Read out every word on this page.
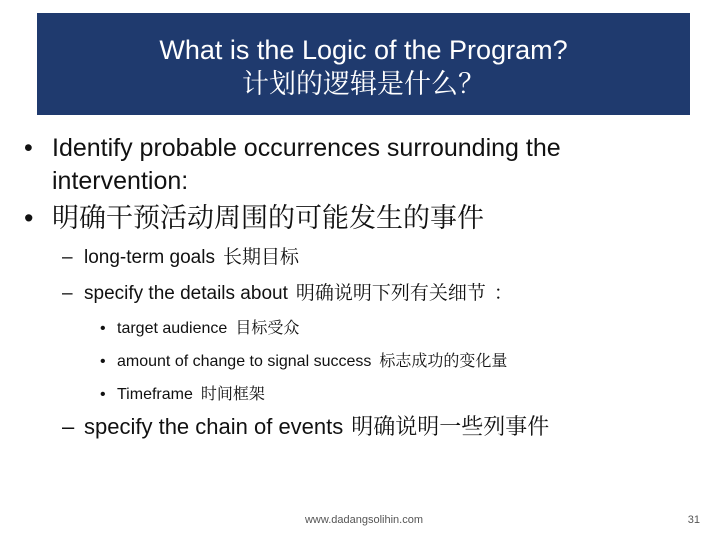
What is the Logic of the Program?
计划的逻辑是什么？
• Identify probable occurrences surrounding the intervention:
• 明确干预活动周围的可能发生的事件
– long-term goals 长期目标
– specify the details about 明确说明下列有关细节 ：
• target audience 目标受众
• amount of change to signal success 标志成功的变化量
• Timeframe 时间框架
– specify the chain of events 明确说明一些列事件
www.dadangsolihin.com	31
